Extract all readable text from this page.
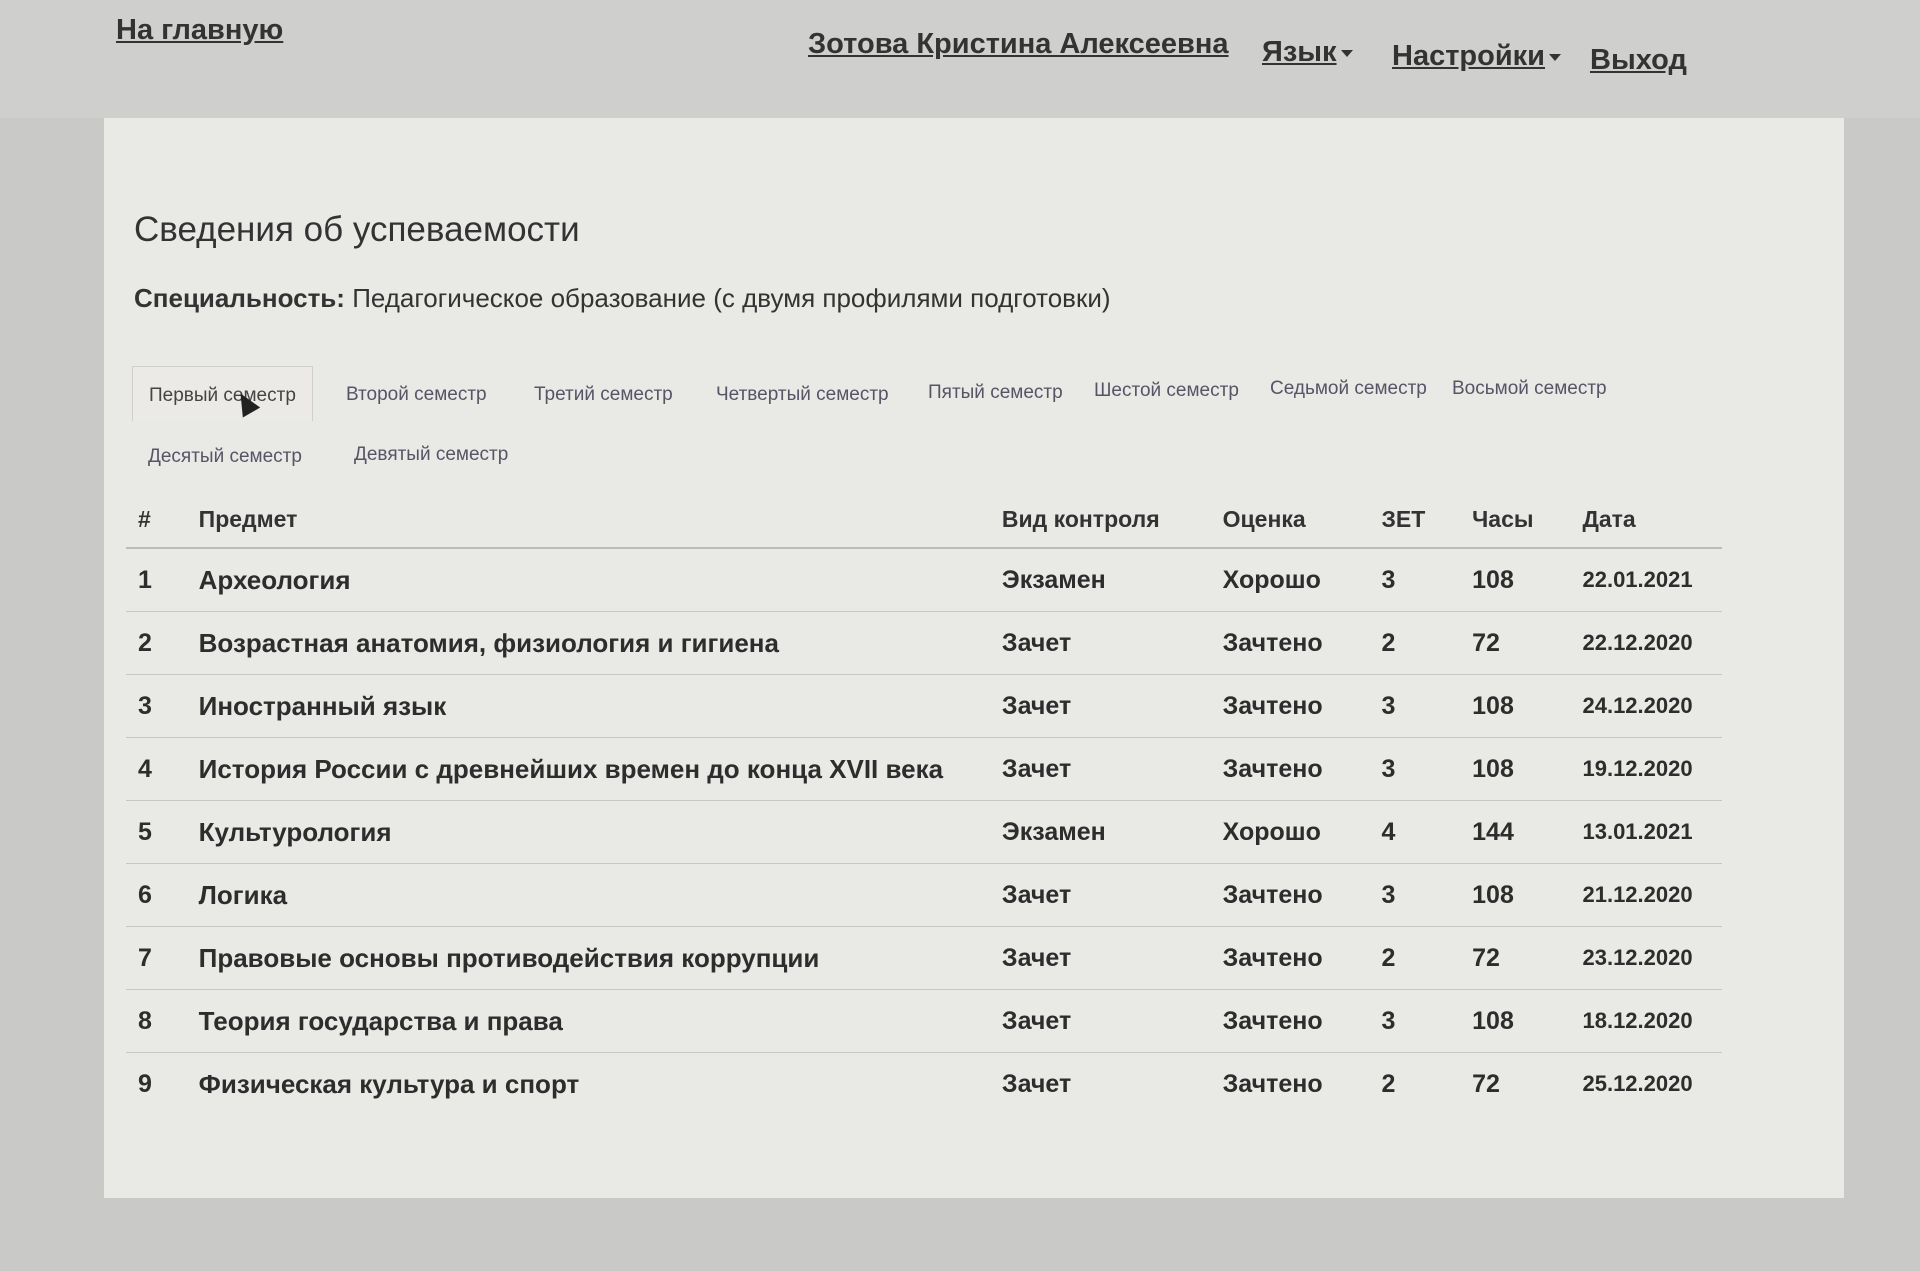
На главную	Зотова Кристина Алексеевна Язык	Настройки	Выход
Сведения об успеваемости
Специальность: Педагогическое образование (с двумя профилями подготовки)
Первый семестр	Второй семестр Третий семестр Четвертый семестр Пятый семестр Шестой семестр Седьмой семестр Восьмой семестр
Десятый семестр	Девятый семестр
#	Предмет	Вид контроля	Оценка	ЗЕТ	Часы	Дата
1	Археология	Экзамен	Хорошо	3	108	22.01.2021
2	Возрастная анатомия, физиология и гигиена	Зачет	Зачтено	2	72	22.12.2020
3	Иностранный язык	Зачет	Зачтено	3	108	24.12.2020
4	История России с древнейших времен до конца XVII века	Зачет	Зачтено	3	108	19.12.2020
5	Культурология	Экзамен	Хорошо	4	144	13.01.2021
6	Логика	Зачет	Зачтено	3	108	21.12.2020
7	Правовые основы противодействия коррупции	Зачет	Зачтено	2	72	23.12.2020
8	Теория государства и права	Зачет	Зачтено	3	108	18.12.2020
9	Физическая культура и спорт	Зачет	Зачтено	2	72	25.12.2020
